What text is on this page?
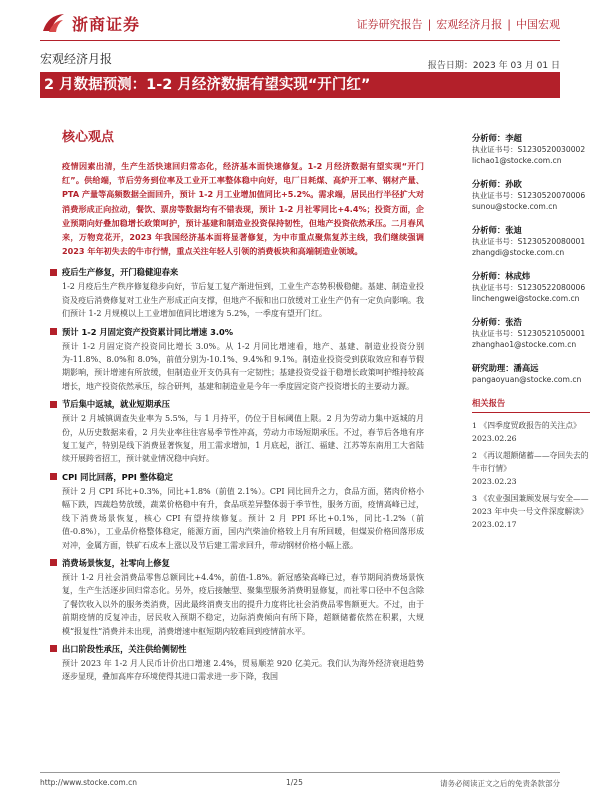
浙商证券	证券研究报告 | 宏观经济月报 | 中国宏观
宏观经济月报	报告日期：2023 年 03 月 01 日
2 月数据预测：1-2 月经济数据有望实现“开门红”
核心观点

疫情因素出清，生产生活快速回归常态化，经济基本面快速修复。1-2 月经济数据有望实现“开门红”。供给端，节后劳务到位率及工业开工率整体稳中向好，电厂日耗煤、高炉开工率、钢材产量、PTA 产量等高频数据全面回升，预计 1-2 月工业增加值同比+5.2%。需求端，居民出行半径扩大对消费形成正向拉动，餐饮、票房等数据均有不错表现，预计 1-2 月社零同比+4.4%；投资方面，企业预期向好叠加稳增长政策呵护，预计基建和制造业投资保持韧性，但地产投资依然承压。二月春风来，万物竞花开，2023 年我国经济基本面将显著修复，为中市重点聚焦复苏主线，我们继续强调 2023 年年初失去的牛市行情，重点关注年轻人引领的消费板块和高端制造业领域。

疫后生产修复，开门稳健迎春来

1-2 月疫后生产秩序修复稳步向好，节后复工复产渐进恒到，工业生产态势积极稳健。基建、制造业投资及疫后消费修复对工业生产形成正向支撑，但地产不振和出口放缓对工业生产仍有一定负向影响。我们预计 1-2 月规模以上工业增加值同比增速为 5.2%，一季度有望开门红。

预计 1-2 月固定资产投资累计同比增速 3.0%

预计 1-2 月固定资产投资同比增长 3.0%。从 1-2 月同比增速看，地产、基建、制造业投资分别为-11.8%、8.0%和 8.0%，前值分别为-10.1%、9.4%和 9.1%。制造业投资受到获取效应和春节假期影响，预计增速有所放缓，但制造业开支仍具有一定韧性；基建投资受益于稳增长政策呵护维持较高增长，地产投资依然承压，综合研判，基建和制造业是今年一季度固定资产投资增长的主要动力源。

节后集中返城，就业短期承压

预计 2 月城镇调查失业率为 5.5%，与 1 月持平，仍位于目标阈值上限。2 月为劳动力集中返城的月份，从历史数据来看，2 月失业率往往容易季节性冲高，劳动力市场短期承压。不过，春节后各地有序复工复产，特别是线下消费显著恢复，用工需求增加，1 月底起，浙江、福建、江苏等东南用工大省陆续开展跨省招工，预计就业情况稳中向好。

CPI 同比回落，PPI 整体稳定

预计 2 月 CPI 环比+0.3%，同比+1.8%（前值 2.1%）。CPI 同比回升之力，食品方面，猪肉价格小幅下跌，四蔬趋势放缓，蔬菜价格稳中有升，食品项差异整体弱于季节性，服务方面，疫情高峰已过，线下消费场景恢复，核心 CPI 有望持续修复。预计 2 月 PPI 环比+0.1%，同比-1.2%（前值-0.8%），工业品价格整体稳定，能源方面，国内汽柴油价格较上月有所回暖，但煤炭价格回落形成对冲，金属方面，铁矿石成本上涨以及节后建工需求回升，带动钢材价格小幅上涨。

消费场景恢复，社零向上修复

预计 1-2 月社会消费品零售总额同比+4.4%，前值-1.8%。新冠感染高峰已过，春节期间消费场景恢复，生产生活逐步回归常态化。另外，疫后接触型、聚集型服务消费明显修复，而社零口径中不包含除了餐饮收入以外的服务类消费，因此最终消费支出的提升力度将比社会消费品零售额更大。不过，由于前期疫情的反复冲击，居民收入预期不稳定，边际消费倾向有所下降，超额储蓄依然在积累，大规模“报复性”消费并未出现，消费增速中枢短期内较难回到疫情前水平。

出口阶段性承压，关注供给侧韧性

预计 2023 年 1-2 月人民币计价出口增速 2.4%，贸易顺差 920 亿美元。我们认为海外经济衰退趋势逐步显现，叠加高库存环境使得其进口需求进一步下降，我国

分析师：李超
执业证书号：S1230520030002
lichao1@stocke.com.cn
分析师：孙欧
执业证书号：S1230520070006
sunou@stocke.com.cn
分析师：张迪
执业证书号：S1230520080001
zhangdi@stocke.com.cn
分析师：林成炜
执业证书号：S1230522080006
linchengwei@stocke.com.cn
分析师：张浩
执业证书号：S1230521050001
zhanghao1@stocke.com.cn
研究助理：潘高远
pangaoyuan@stocke.com.cn
相关报告
1 《四季度贸政报告的关注点》
2023.02.26
2 《再议超额储蓄——夺回失去的牛市行情》
2023.02.23
3 《农业强国兼顾发展与安全——2023 年中央一号文件深度解读》
2023.02.17
http://www.stocke.com.cn	1/25	请务必阅读正文之后的免责条款部分
